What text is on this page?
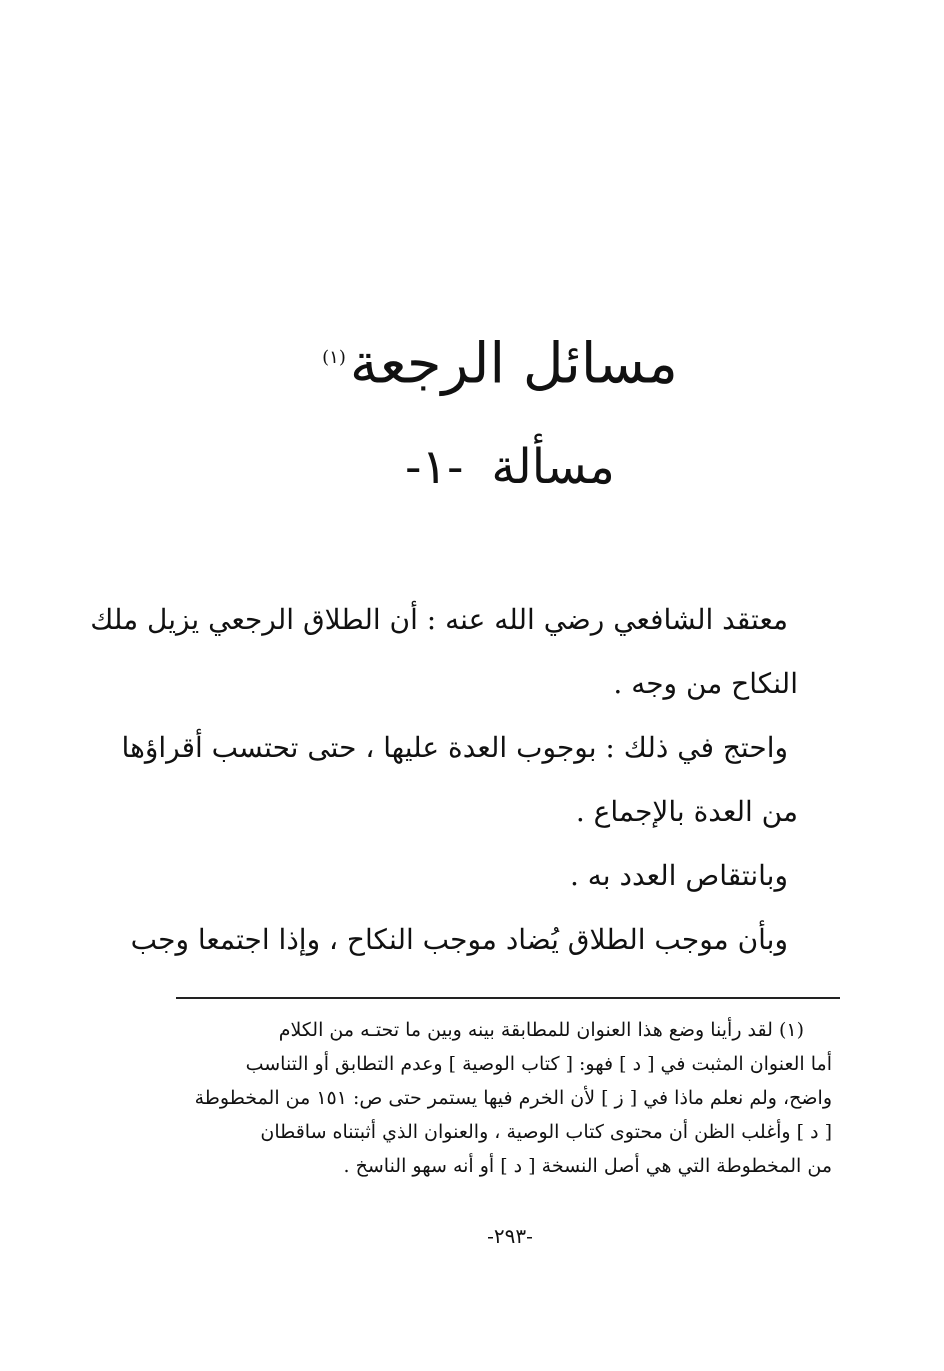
مسائل الرجعة$^{(١)}$
مسألة-١-

معتقد الشافعي رضي الله عنه : أن الطلاق الرجعي يزيل ملك

النكاح من وجه .

واحتج في ذلك : بوجوب العدة عليها ، حتى تحتسب أقراؤها

من العدة بالإجماع .

وبانتقاص العدد به .

وبأن موجب الطلاق يُضاد موجب النكاح ، وإذا اجتمعا وجب

(١) لقد رأينا وضع هذا العنوان للمطابقة بينه وبين ما تحتـه من الكلام

أما العنوان المثبت في [ د ] فهو: [ كتاب الوصية ] وعدم التطابق أو التناسب

واضح، ولم نعلم ماذا في [ ز ] لأن الخرم فيها يستمر حتى ص: ١٥١ من المخطوطة

[ د ] وأغلب الظن أن محتوى كتاب الوصية ، والعنوان الذي أثبتناه ساقطان

من المخطوطة التي هي أصل النسخة [ د ] أو أنه سهو الناسخ .

-٢٩٣-
